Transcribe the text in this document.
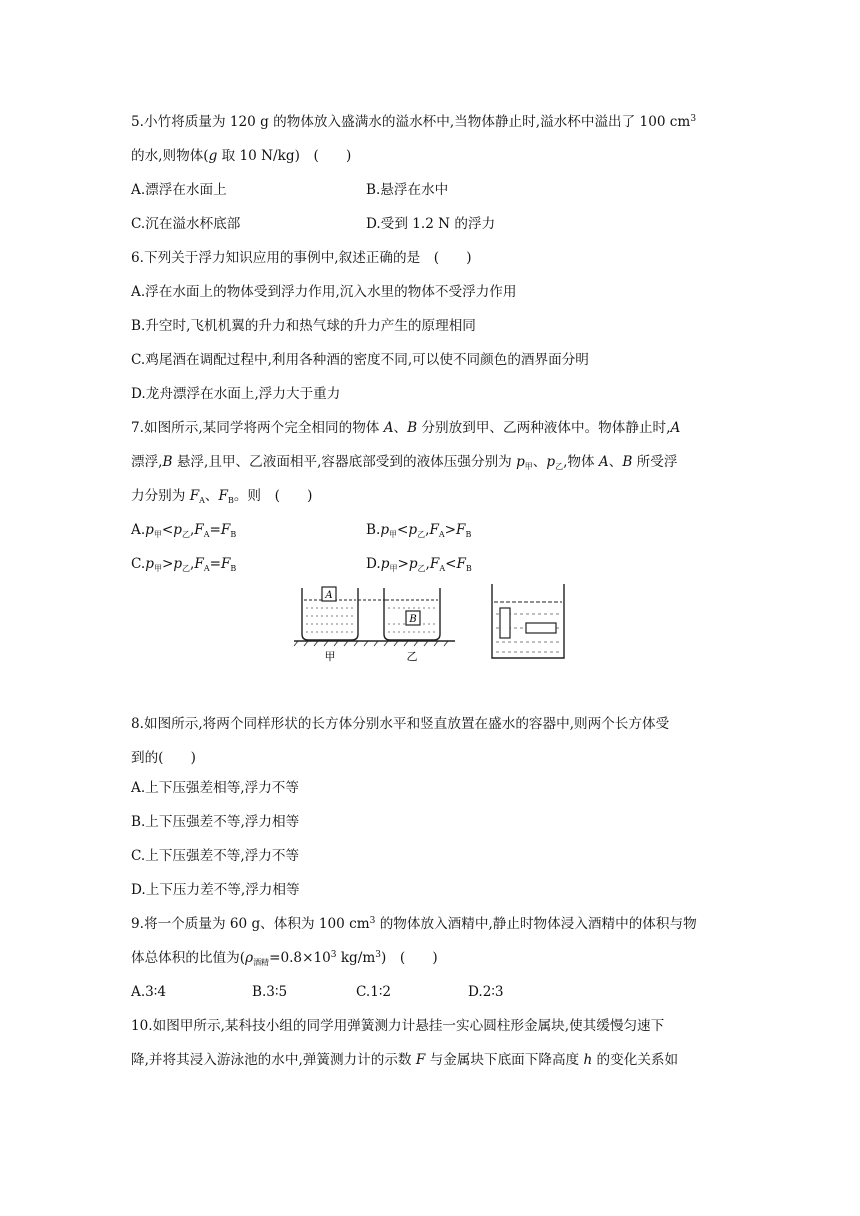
5.小竹将质量为 120 g 的物体放入盛满水的溢水杯中,当物体静止时,溢水杯中溢出了 100 $cm^3$
的水,则物体(g 取 10 N/kg)　(　　)
A.漂浮在水面上	B.悬浮在水中
C.沉在溢水杯底部	D.受到 1.2 N 的浮力
6.下列关于浮力知识应用的事例中,叙述正确的是　(　　)
A.浮在水面上的物体受到浮力作用,沉入水里的物体不受浮力作用
B.升空时,飞机机翼的升力和热气球的升力产生的原理相同
C.鸡尾酒在调配过程中,利用各种酒的密度不同,可以使不同颜色的酒界面分明
D.龙舟漂浮在水面上,浮力大于重力
7.如图所示,某同学将两个完全相同的物体 A、B 分别放到甲、乙两种液体中。物体静止时,A
漂浮,B 悬浮,且甲、乙液面相平,容器底部受到的液体压强分别为 $p_甲$、$p_乙$,物体 A、B 所受浮
力分别为 $F_A$、$F_B$。则　(　　)
$A.p_甲<p_乙,F_A=F_B$	$B.p_甲<p_乙,F_A>F_B$
$C.p_甲>p_乙,F_A=F_B$	$D.p_甲>p_乙,F_A<F_B$
A
B
甲	乙
8.如图所示,将两个同样形状的长方体分别水平和竖直放置在盛水的容器中,则两个长方体受
到的(　　)
A.上下压强差相等,浮力不等
B.上下压强差不等,浮力相等
C.上下压强差不等,浮力不等
D.上下压力差不等,浮力相等
9.将一个质量为 60 g、体积为 100 $cm^3$ 的物体放入酒精中,静止时物体浸入酒精中的体积与物
体总体积的比值为($\rho_{酒精}=0.8\times 10^3$ $kg/m^3$)　(　　)
A.3∶4	B.3∶5	C.1∶2	D.2∶3
10.如图甲所示,某科技小组的同学用弹簧测力计悬挂一实心圆柱形金属块,使其缓慢匀速下
降,并将其浸入游泳池的水中,弹簧测力计的示数 F 与金属块下底面下降高度 h 的变化关系如
